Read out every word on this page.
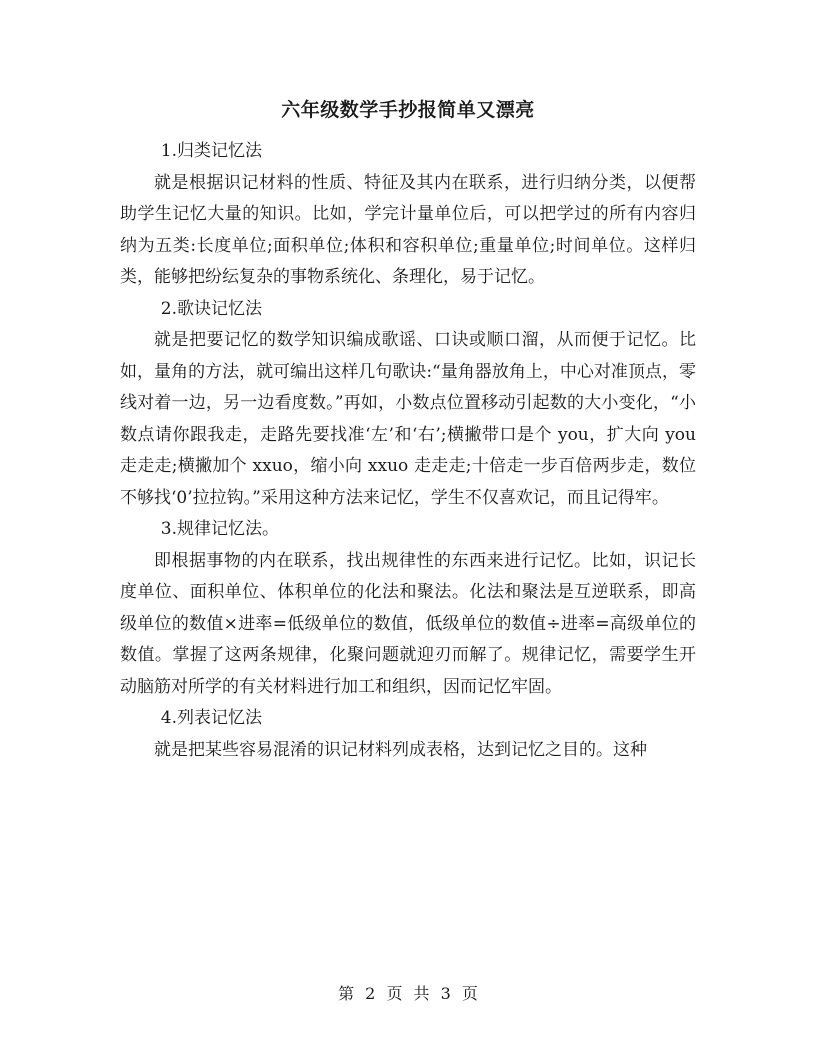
六年级数学手抄报简单又漂亮

1.归类记忆法

就是根据识记材料的性质、特征及其内在联系，进行归纳分类，以便帮助学生记忆大量的知识。比如，学完计量单位后，可以把学过的所有内容归纳为五类:长度单位;面积单位;体积和容积单位;重量单位;时间单位。这样归类，能够把纷纭复杂的事物系统化、条理化，易于记忆。

2.歌诀记忆法

就是把要记忆的数学知识编成歌谣、口诀或顺口溜，从而便于记忆。比如，量角的方法，就可编出这样几句歌诀:“量角器放角上，中心对准顶点，零线对着一边，另一边看度数。”再如，小数点位置移动引起数的大小变化，“小数点请你跟我走，走路先要找准‘左’和‘右’;横撇带口是个 you，扩大向 you 走走走;横撇加个 xxuo，缩小向 xxuo 走走走;十倍走一步百倍两步走，数位不够找‘0’拉拉钩。”采用这种方法来记忆，学生不仅喜欢记，而且记得牢。

3.规律记忆法。

即根据事物的内在联系，找出规律性的东西来进行记忆。比如，识记长度单位、面积单位、体积单位的化法和聚法。化法和聚法是互逆联系，即高级单位的数值×进率=低级单位的数值，低级单位的数值÷进率=高级单位的数值。掌握了这两条规律，化聚问题就迎刃而解了。规律记忆，需要学生开动脑筋对所学的有关材料进行加工和组织，因而记忆牢固。

4.列表记忆法

就是把某些容易混淆的识记材料列成表格，达到记忆之目的。这种

第 2 页 共 3 页
